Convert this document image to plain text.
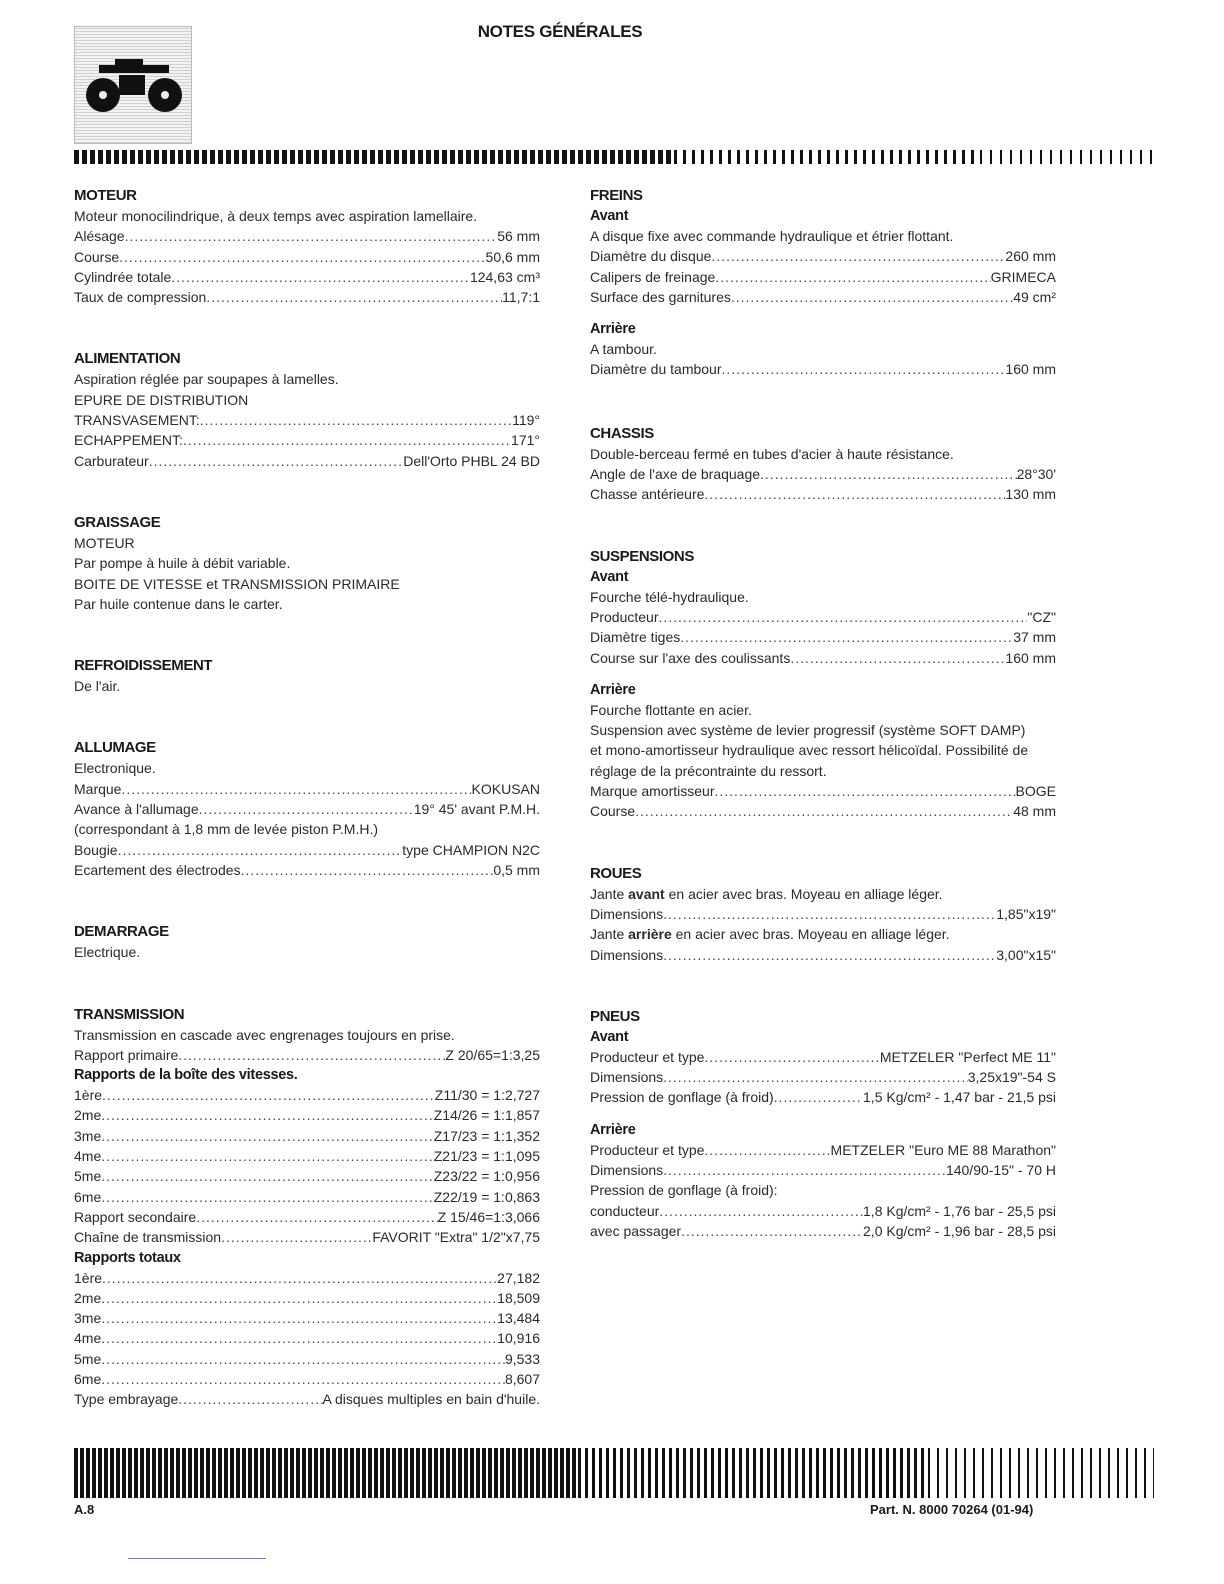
NOTES GÉNÉRALES
MOTEUR
Moteur monocilindrique, à deux temps avec aspiration lamellaire.
Alésage .....	56 mm
Course .....	50,6 mm
Cylindrée totale .....	124,63 cm³
Taux de compression .....	11,7:1
ALIMENTATION
Aspiration réglée par soupapes à lamelles.
EPURE DE DISTRIBUTION
TRANSVASEMENT: .....	119°
ECHAPPEMENT: .....	171°
Carburateur .....	Dell'Orto PHBL 24 BD
GRAISSAGE
MOTEUR
Par pompe à huile à débit variable.
BOITE DE VITESSE et TRANSMISSION PRIMAIRE
Par huile contenue dans le carter.
REFROIDISSEMENT
De l'air.
ALLUMAGE
Electronique.
Marque .....	KOKUSAN
Avance à l'allumage .....	19° 45' avant P.M.H.
(correspondant à 1,8 mm de levée piston P.M.H.)
Bougie .....	type CHAMPION N2C
Ecartement des électrodes .....	0,5 mm
DEMARRAGE
Electrique.
TRANSMISSION
Transmission en cascade avec engrenages toujours en prise.
Rapport primaire .....	Z 20/65=1:3,25
Rapports de la boîte des vitesses.
1ère .....	Z11/30 = 1:2,727
2me .....	Z14/26 = 1:1,857
3me .....	Z17/23 = 1:1,352
4me .....	Z21/23 = 1:1,095
5me .....	Z23/22 = 1:0,956
6me .....	Z22/19 = 1:0,863
Rapport secondaire .....	Z 15/46=1:3,066
Chaîne de transmission .....	FAVORIT "Extra" 1/2"x7,75
Rapports totaux
1ère .....	27,182
2me .....	18,509
3me .....	13,484
4me .....	10,916
5me .....	9,533
6me .....	8,607
Type embrayage .....	A disques multiples en bain d'huile.
FREINS
Avant
A disque fixe avec commande hydraulique et étrier flottant.
Diamètre du disque .....	260 mm
Calipers de freinage .....	GRIMECA
Surface des garnitures .....	49 cm²
Arrière
A tambour.
Diamètre du tambour .....	160 mm
CHASSIS
Double-berceau fermé en tubes d'acier à haute résistance.
Angle de l'axe de braquage .....	28°30'
Chasse antérieure .....	130 mm
SUSPENSIONS
Avant
Fourche télé-hydraulique.
Producteur .....	"CZ"
Diamètre tiges .....	37 mm
Course sur l'axe des coulissants .....	160 mm
Arrière
Fourche flottante en acier.
Suspension avec système de levier progressif (système SOFT DAMP)
et mono-amortisseur hydraulique avec ressort hélicoïdal. Possibilité de
réglage de la précontrainte du ressort.
Marque amortisseur .....	BOGE
Course .....	48 mm
ROUES
Jante avant en acier avec bras. Moyeau en alliage léger.
Dimensions .....	1,85"x19"
Jante arrière en acier avec bras. Moyeau en alliage léger.
Dimensions .....	3,00"x15"
PNEUS
Avant
Producteur et type .....	METZELER "Perfect ME 11"
Dimensions .....	3,25x19"-54 S
Pression de gonflage (à froid) .....	1,5 Kg/cm² - 1,47 bar - 21,5 psi
Arrière
Producteur et type .....	METZELER "Euro ME 88 Marathon"
Dimensions .....	140/90-15" - 70 H
Pression de gonflage (à froid):
conducteur .....	1,8 Kg/cm² - 1,76 bar - 25,5 psi
avec passager .....	2,0 Kg/cm² - 1,96 bar - 28,5 psi
A.8	Part. N. 8000 70264 (01-94)
